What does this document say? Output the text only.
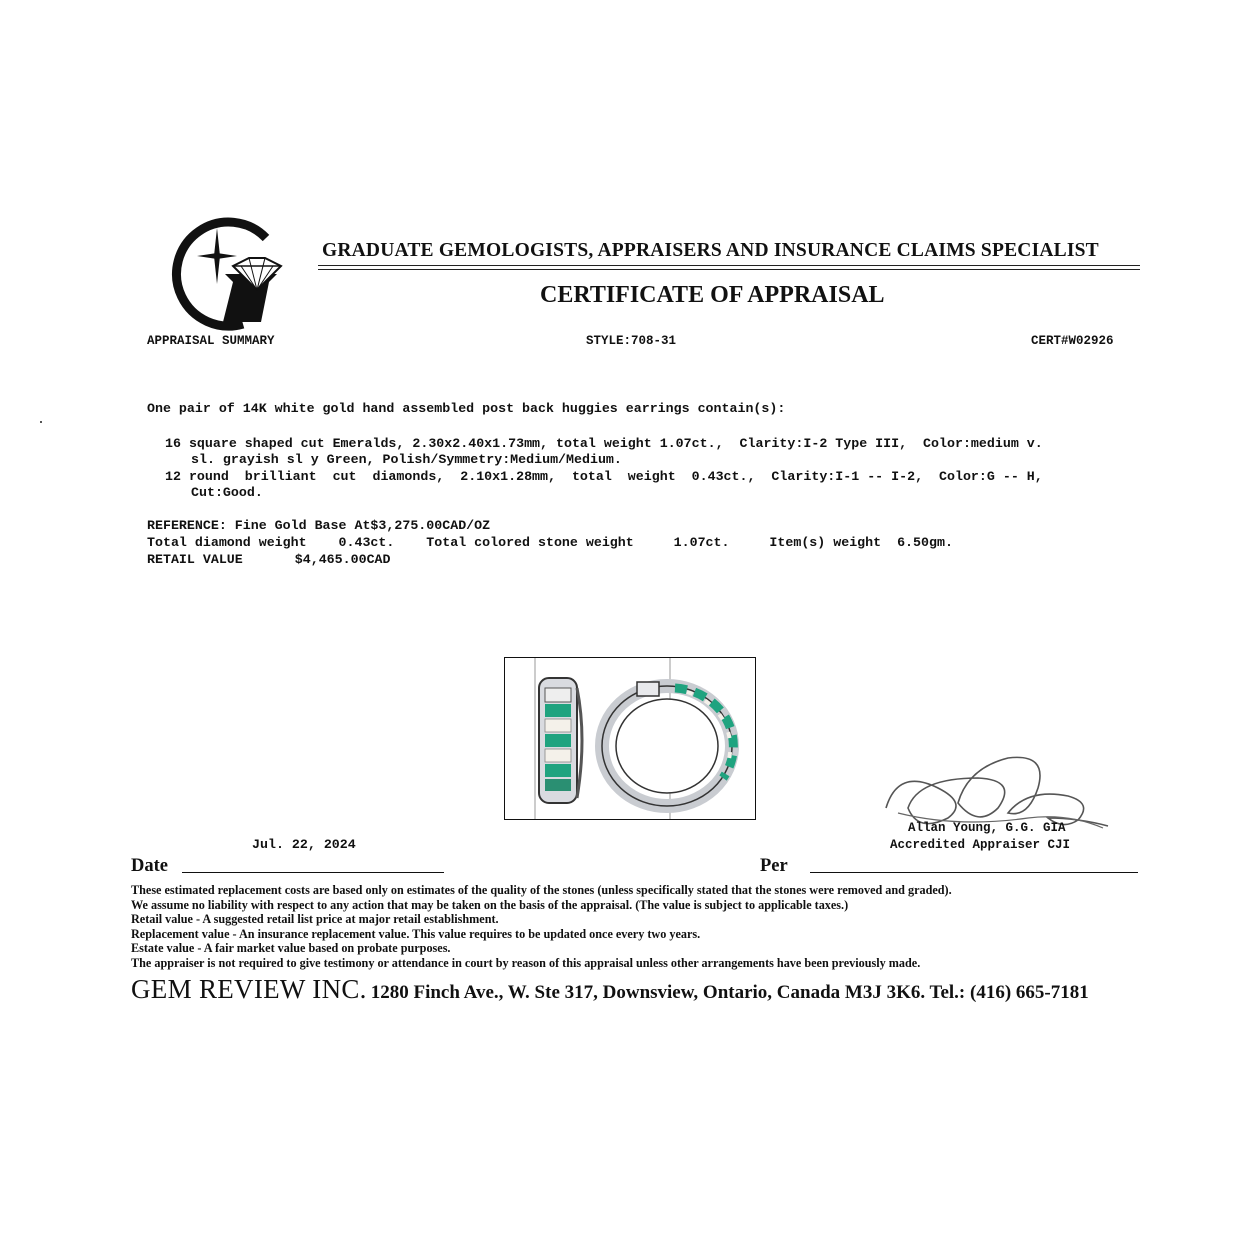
GRADUATE GEMOLOGISTS, APPRAISERS AND INSURANCE CLAIMS SPECIALIST
CERTIFICATE OF APPRAISAL
APPRAISAL SUMMARY	STYLE:708-31	CERT#W02926
One pair of 14K white gold hand assembled post back huggies earrings contain(s):
16 square shaped cut Emeralds, 2.30x2.40x1.73mm, total weight 1.07ct.,  Clarity:I-2 Type III,  Color:medium v.
sl. grayish sl y Green, Polish/Symmetry:Medium/Medium.
12 round  brilliant  cut  diamonds,  2.10x1.28mm,  total  weight  0.43ct.,  Clarity:I-1 -- I-2,  Color:G -- H,
Cut:Good.
REFERENCE: Fine Gold Base At$3,275.00CAD/OZ
Total diamond weight    0.43ct.    Total colored stone weight     1.07ct.     Item(s) weight  6.50gm.
RETAIL VALUE	$4,465.00CAD
Allan Young, G.G. GIA
Accredited Appraiser CJI
Jul. 22, 2024
Date	Per
These estimated replacement costs are based only on estimates of the quality of the stones (unless specifically stated that the stones were removed and graded).
We assume no liability with respect to any action that may be taken on the basis of the appraisal. (The value is subject to applicable taxes.)
Retail value - A suggested retail list price at major retail establishment.
Replacement value - An insurance replacement value. This value requires to be updated once every two years.
Estate value - A fair market value based on probate purposes.
The appraiser is not required to give testimony or attendance in court by reason of this appraisal unless other arrangements have been previously made.
GEM REVIEW INC. 1280 Finch Ave., W. Ste 317, Downsview, Ontario, Canada M3J 3K6. Tel.: (416) 665-7181
